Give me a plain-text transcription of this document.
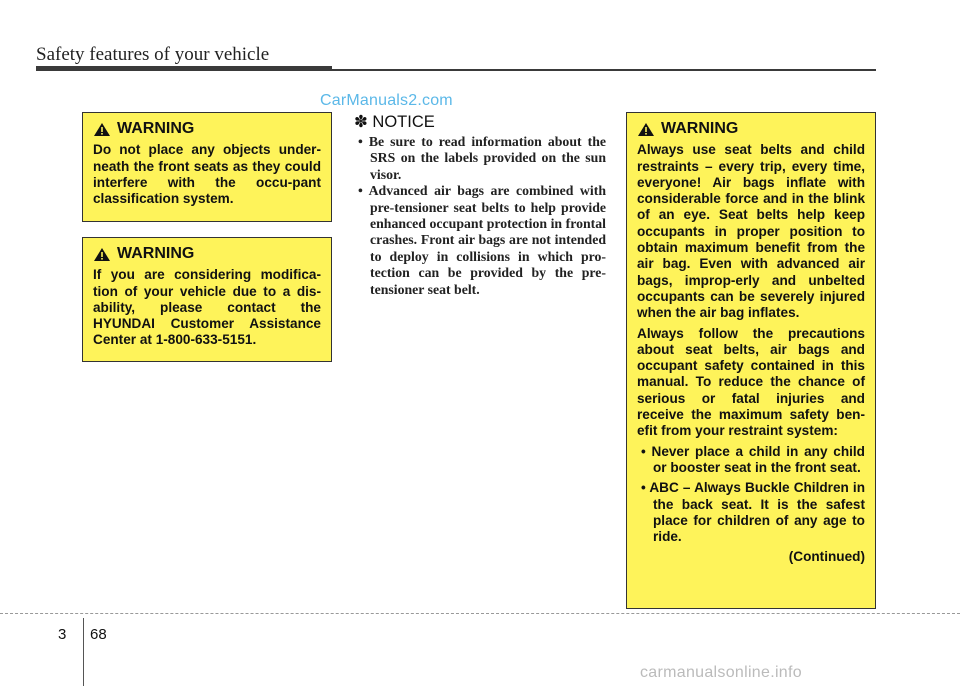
Safety features of your vehicle
CarManuals2.com
WARNING

Do not place any objects under-neath the front seats as they could interfere with the occu-pant classification system.

WARNING

If you are considering modifica-tion of your vehicle due to a dis-ability, please contact the HYUNDAI Customer Assistance Center at 1-800-633-5151.

✽ NOTICE
• Be sure to read information about the SRS on the labels provided on the sun visor.
• Advanced air bags are combined with pre-tensioner seat belts to help provide enhanced occupant protection in frontal crashes. Front air bags are not intended to deploy in collisions in which pro-tection can be provided by the pre-tensioner seat belt.
WARNING

Always use seat belts and child restraints – every trip, every time, everyone! Air bags inflate with considerable force and in the blink of an eye. Seat belts help keep occupants in proper position to obtain maximum benefit from the air bag. Even with advanced air bags, improp-erly and unbelted occupants can be severely injured when the air bag inflates.

Always follow the precautions about seat belts, air bags and occupant safety contained in this manual. To reduce the chance of serious or fatal injuries and receive the maximum safety ben-efit from your restraint system:

• Never place a child in any child or booster seat in the front seat.
• ABC – Always Buckle Children in the back seat. It is the safest place for children of any age to ride.

(Continued)

3 68
carmanualsonline.info
